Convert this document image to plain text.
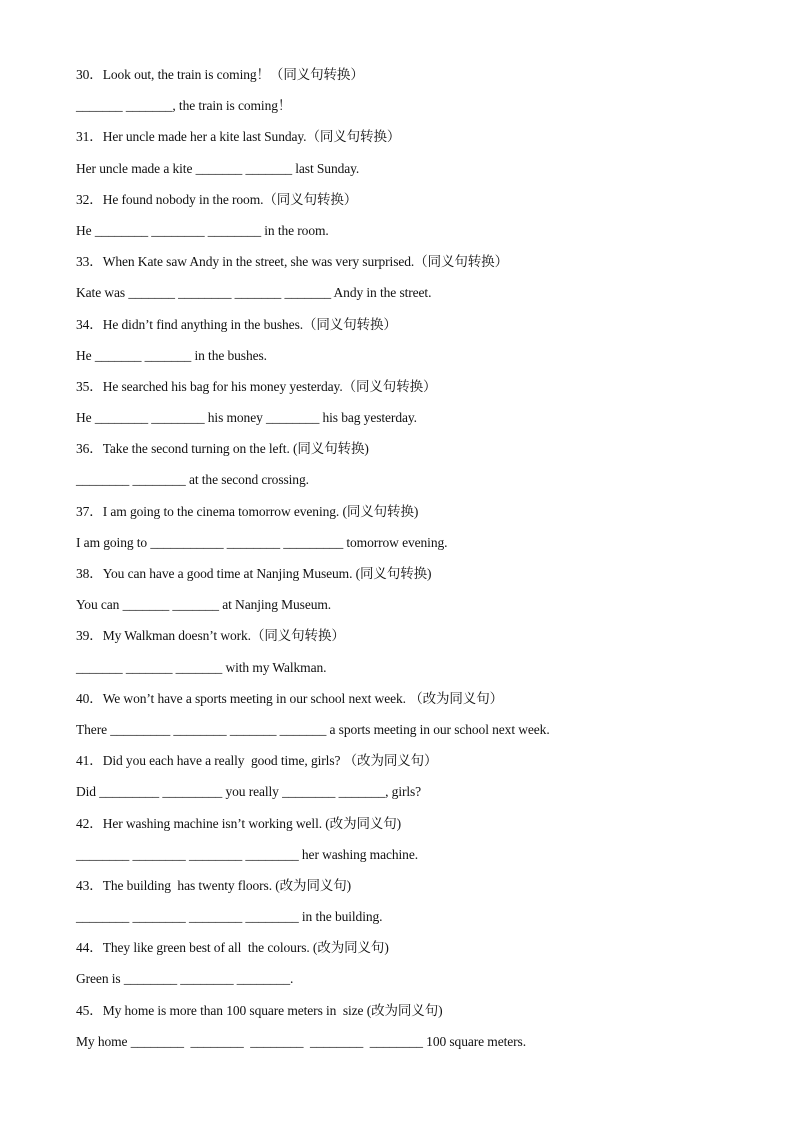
30．Look out, the train is coming！（同义句转换）
_______ _______, the train is coming！
31．Her uncle made her a kite last Sunday.（同义句转换）
Her uncle made a kite _______ _______ last Sunday.
32．He found nobody in the room.（同义句转换）
He ________ ________ ________ in the room.
33．When Kate saw Andy in the street, she was very surprised.（同义句转换）
Kate was _______ ________ _______ _______ Andy in the street.
34．He didn’t find anything in the bushes.（同义句转换）
He _______ _______ in the bushes.
35．He searched his bag for his money yesterday.（同义句转换）
He ________ ________ his money ________ his bag yesterday.
36．Take the second turning on the left. (同义句转换)
________ ________ at the second crossing.
37．I am going to the cinema tomorrow evening. (同义句转换)
I am going to ___________ ________ _________ tomorrow evening.
38．You can have a good time at Nanjing Museum. (同义句转换)
You can _______ _______ at Nanjing Museum.
39．My Walkman doesn’t work.（同义句转换）
_______ _______ _______ with my Walkman.
40．We won’t have a sports meeting in our school next week. （改为同义句）
There _________ ________ _______ _______ a sports meeting in our school next week.
41．Did you each have a really  good time, girls? （改为同义句）
Did _________ _________ you really ________ _______, girls?
42．Her washing machine isn’t working well. (改为同义句)
________ ________ ________ ________ her washing machine.
43．The building  has twenty floors. (改为同义句)
________ ________ ________ ________ in the building.
44．They like green best of all  the colours. (改为同义句)
Green is ________ ________ ________.
45．My home is more than 100 square meters in  size (改为同义句)
My home ________  ________  ________  ________  ________ 100 square meters.
